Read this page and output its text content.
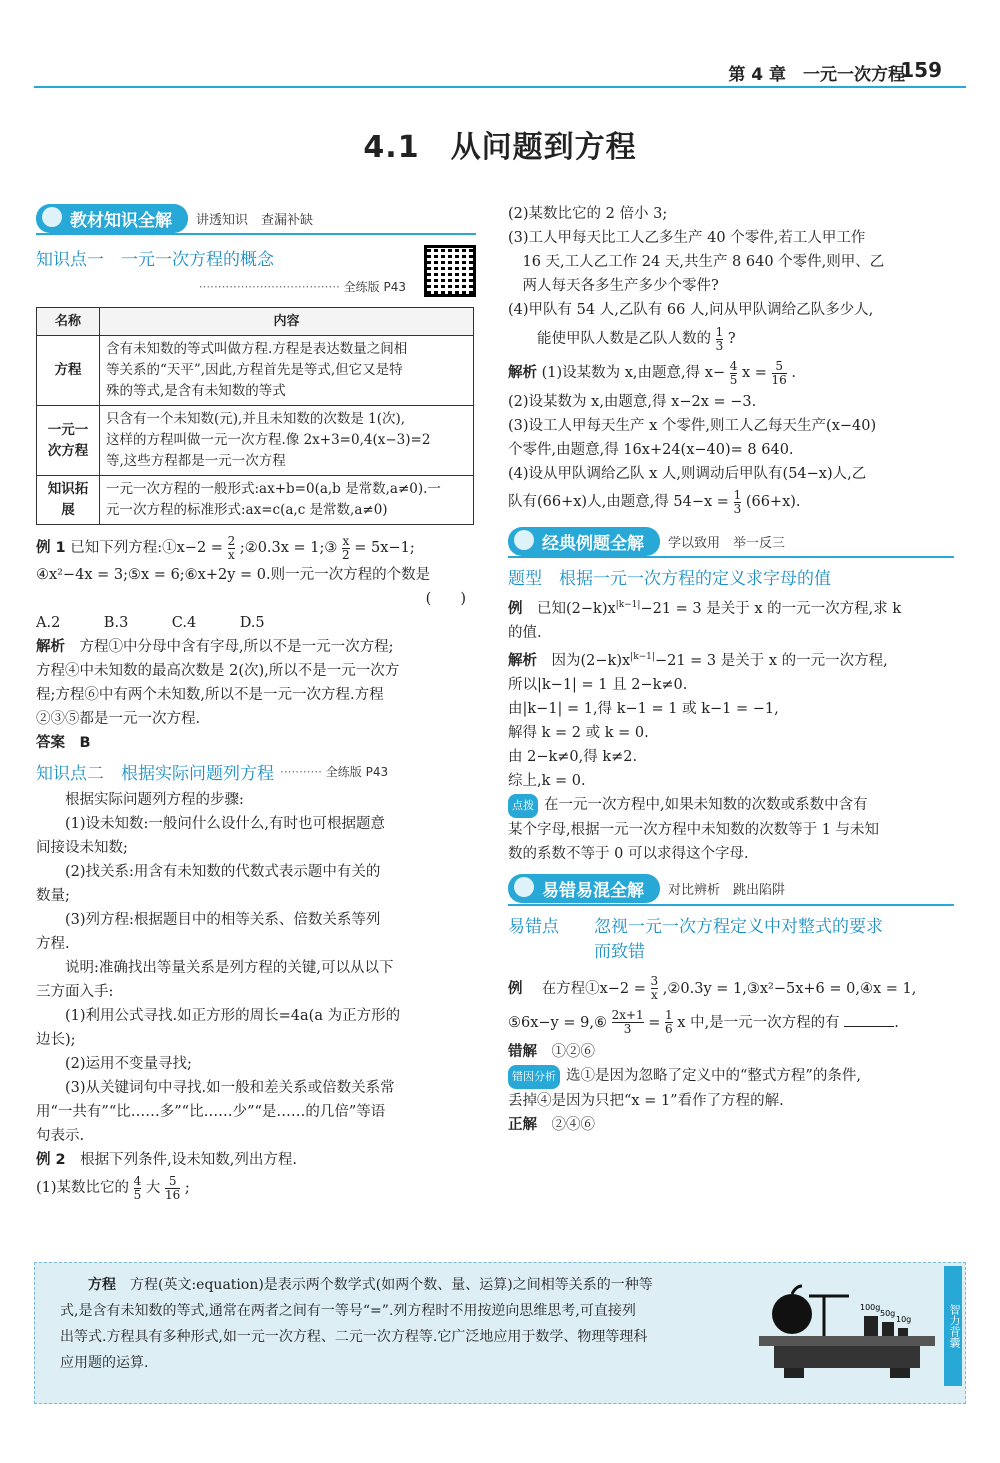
第 4 章　一元一次方程
159
4.1　从问题到方程
教材知识全解	讲透知识　查漏补缺
知识点一　一元一次方程的概念
····································· 全练版 P43
名称	内容
方程	含有未知数的等式叫做方程.方程是表达数量之间相
等关系的“天平”,因此,方程首先是等式,但它又是特
殊的等式,是含有未知数的等式

一元一次方程	只含有一个未知数(元),并且未知数的次数是 1(次),
这样的方程叫做一元一次方程.像 2x+3=0,4(x−3)=2
等,这些方程都是一元一次方程

知识拓展	一元一次方程的一般形式:ax+b=0(a,b 是常数,a≠0).一
元一次方程的标准形式:ax=c(a,c 是常数,a≠0)
例 1 已知下列方程:①x−2 = $\frac{2}{x}$ ;②0.3x = 1;③ $\frac{x}{2} = 5x-1$;
④x²−4x = 3;⑤x = 6;⑥x+2y = 0.则一元一次方程的个数是
(　　)
A.2　　　B.3　　　C.4　　　D.5
解析　 方程①中分母中含有字母,所以不是一元一次方程;
方程④中未知数的最高次数是 2(次),所以不是一元一次方
程;方程⑥中有两个未知数,所以不是一元一次方程.方程
②③⑤都是一元一次方程.
答案　 B
知识点二　根据实际问题列方程 ··········· 全练版 P43
根据实际问题列方程的步骤:
(1)设未知数:一般问什么设什么,有时也可根据题意
间接设未知数;
(2)找关系:用含有未知数的代数式表示题中有关的
数量;
(3)列方程:根据题目中的相等关系、倍数关系等列
方程.
说明:准确找出等量关系是列方程的关键,可以从以下
三方面入手:
(1)利用公式寻找.如正方形的周长=4a(a 为正方形的
边长);
(2)运用不变量寻找;
(3)从关键词句中寻找.如一般和差关系或倍数关系常
用“一共有”“比……多”“比……少”“是……的几倍”等语
句表示.
例 2　 根据下列条件,设未知数,列出方程.
(1)某数比它的 $\frac{4}{5}$ 大 $\frac{5}{16}$ ;
(2)某数比它的 2 倍小 3;
(3)工人甲每天比工人乙多生产 40 个零件,若工人甲工作
16 天,工人乙工作 24 天,共生产 8 640 个零件,则甲、乙
两人每天各多生产多少个零件?
(4)甲队有 54 人,乙队有 66 人,问从甲队调给乙队多少人,
能使甲队人数是乙队人数的 $\frac{1}{3}$ ?
解析 (1)设某数为 x,由题意,得 $x- \frac{4}{5}$ $x = \frac{5}{16}$ .
(2)设某数为 x,由题意,得 x−2x = −3.
(3)设工人甲每天生产 x 个零件,则工人乙每天生产(x−40)
个零件,由题意,得 16x+24(x−40)= 8 640.
(4)设从甲队调给乙队 x 人,则调动后甲队有(54−x)人,乙
队有(66+x)人,由题意,得 $54-x = \frac{1}{3} (66+x)$.
经典例题全解	学以致用　举一反三
题型　根据一元一次方程的定义求字母的值
例　 已知$(2-k)x^{|k-1|}-21 = 3$ 是关于 x 的一元一次方程,求 k
的值.
解析　 因为$(2-k)x^{|k-1|}-21 = 3$ 是关于 x 的一元一次方程,
所以|k−1| = 1 且 2−k≠0.
由|k−1| = 1,得 k−1 = 1 或 k−1 = −1,
解得 k = 2 或 k = 0.
由 2−k≠0,得 k≠2.
综上,k = 0.
点拨 在一元一次方程中,如果未知数的次数或系数中含有
某个字母,根据一元一次方程中未知数的次数等于 1 与未知
数的系数不等于 0 可以求得这个字母.
易错易混全解	对比辨析　跳出陷阱
易错点	忽视一元一次方程定义中对整式的要求
而致错
例　 在方程①x−2 = $\frac{3}{x}$ ,②0.3y = 1,③x²−5x+6 = 0,④x = 1,
⑤6x−y = 9,⑥ $\frac{2x+1}{3} = \frac{1}{6}$ x 中,是一元一次方程的有	.
错解　 ①②⑥
错因分析 选①是因为忽略了定义中的“整式方程”的条件,
丢掉④是因为只把“x = 1”看作了方程的解.
正解　 ②④⑥
方程　 方程(英文:equation)是表示两个数学式(如两个数、量、运算)之间相等关系的一种等
式,是含有未知数的等式,通常在两者之间有一等号“=”.列方程时不用按逆向思维思考,可直接列
出等式.方程具有多种形式,如一元一次方程、二元一次方程等.它广泛地应用于数学、物理等理科
应用题的运算.
100g
50g
10g	智力背囊
